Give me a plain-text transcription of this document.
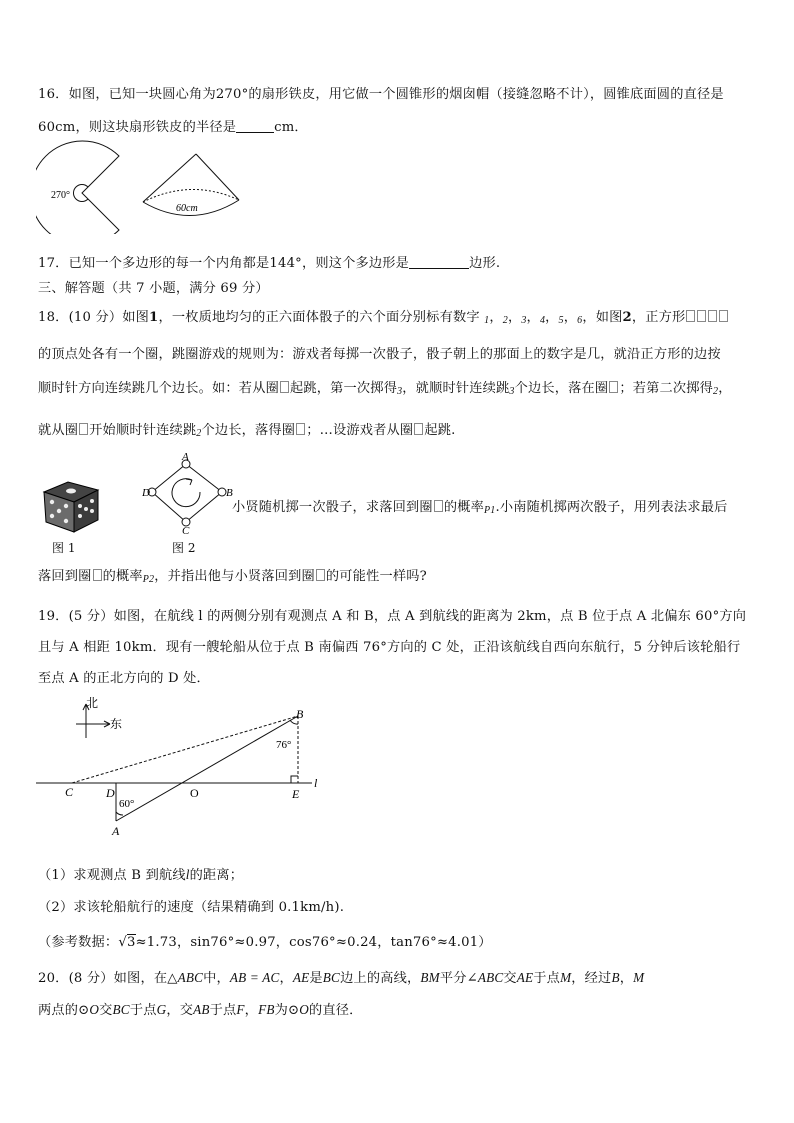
16．如图，已知一块圆心角为270°的扇形铁皮，用它做一个圆锥形的烟囱帽（接缝忽略不计），圆锥底面圆的直径是
60cm，则这块扇形铁皮的半径是	cm．
270°
60cm
17．已知一个多边形的每一个内角都是144°，则这个多边形是	边形.
三、解答题（共 7 小题，满分 69 分）
18．(10 分）如图1，一枚质地均匀的正六面体骰子的六个面分别标有数字 1，2，3，4，5，6，如图2，正方形
的顶点处各有一个圈，跳圈游戏的规则为：游戏者每掷一次骰子，骰子朝上的那面上的数字是几，就沿正方形的边按
顺时针方向连续跳几个边长。如：若从圈 起跳，第一次掷得3，就顺时针连续跳3个边长，落在圈 ；若第二次掷得2，
就从圈 开始顺时针连续跳2个边长，落得圈 ；…设游戏者从圈 起跳.
图 1
A
B
C
D
图 2
小贤随机掷一次骰子，求落回到圈 的概率P1.小南随机掷两次骰子，用列表法求最后
落回到圈 的概率P2，并指出他与小贤落回到圈 的可能性一样吗?
19．(5 分）如图，在航线 l 的两侧分别有观测点 A 和 B，点 A 到航线的距离为 2km，点 B 位于点 A 北偏东 60°方向
且与 A 相距 10km．现有一艘轮船从位于点 B 南偏西 76°方向的 C 处，正沿该航线自西向东航行，5 分钟后该轮船行
至点 A 的正北方向的 D 处．
北
东
B
C	D	O	E
A
l
76°
60°
（1）求观测点 B 到航线l的距离；
（2）求该轮船航行的速度（结果精确到 0.1km/h).
（参考数据：√3≈1.73，sin76°≈0.97，cos76°≈0.24，tan76°≈4.01）
20．(8 分）如图，在△ABC中，AB = AC，AE是BC边上的高线，BM平分∠ABC交AE于点M，经过B，M
两点的⊙O交BC于点G，交AB于点F，FB为⊙O的直径．
